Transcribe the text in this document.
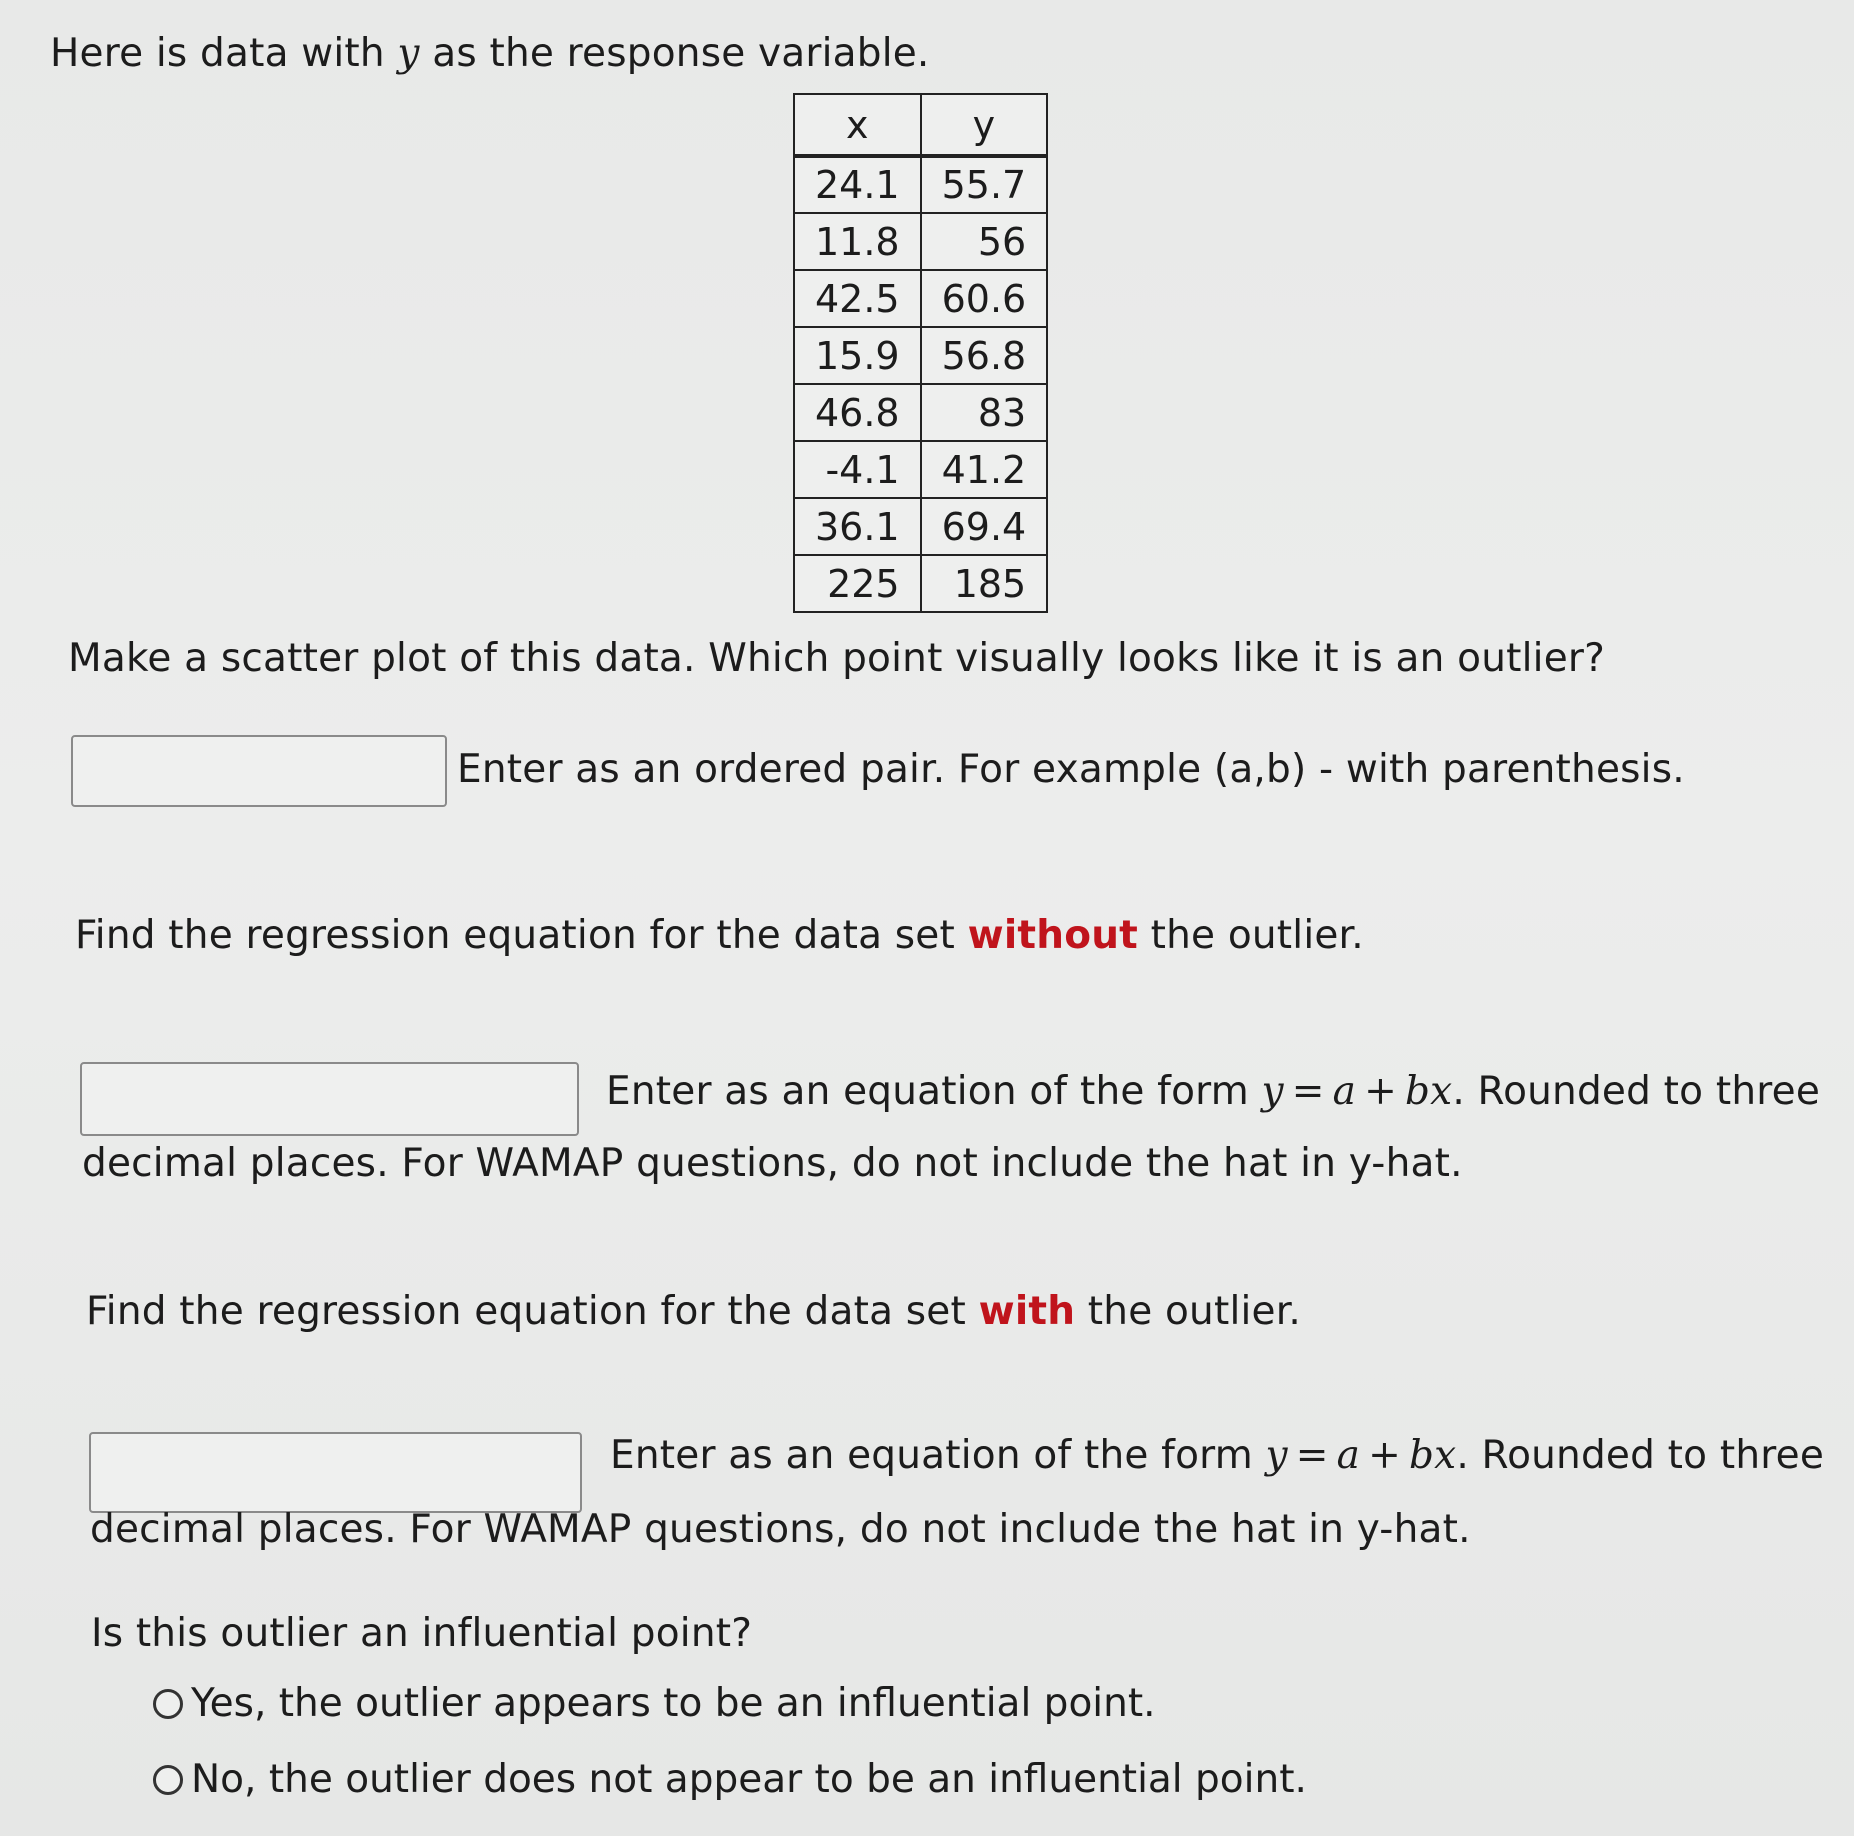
Here is data with y as the response variable.
x	y
24.1	55.7
11.8	56
42.5	60.6
15.9	56.8
46.8	83
-4.1	41.2
36.1	69.4
225	185
Make a scatter plot of this data. Which point visually looks like it is an outlier?
Enter as an ordered pair. For example (a,b) - with parenthesis.
Find the regression equation for the data set without the outlier.
Enter as an equation of the form y = a + bx. Rounded to three
decimal places. For WAMAP questions, do not include the hat in y-hat.
Find the regression equation for the data set with the outlier.
Enter as an equation of the form y = a + bx. Rounded to three
decimal places. For WAMAP questions, do not include the hat in y-hat.
Is this outlier an influential point?
Yes, the outlier appears to be an influential point.
No, the outlier does not appear to be an influential point.
